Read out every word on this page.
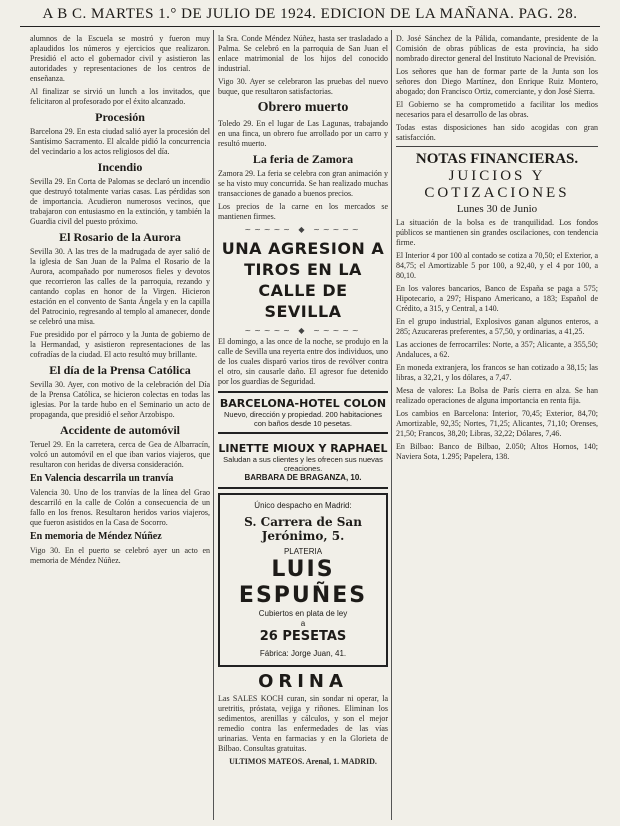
A B C. MARTES 1.° DE JULIO DE 1924. EDICION DE LA MAÑANA. PAG. 28.

alumnos de la Escuela se mostró y fueron muy aplaudidos los números y ejercicios que realizaron. Presidió el acto el gobernador civil y asistieron las autoridades y representaciones de los centros de enseñanza.

Al finalizar se sirvió un lunch a los invitados, que felicitaron al profesorado por el éxito alcanzado.

Procesión

Barcelona 29. En esta ciudad salió ayer la procesión del Santísimo Sacramento. El alcalde pidió la concurrencia del vecindario a los actos religiosos del día.

Incendio

Sevilla 29. En Corta de Palomas se declaró un incendio que destruyó totalmente varias casas. Las pérdidas son de importancia. Acudieron numerosos vecinos, que trabajaron con entusiasmo en la extinción, y también la Guardia civil del puesto próximo.

El Rosario de la Aurora

Sevilla 30. A las tres de la madrugada de ayer salió de la iglesia de San Juan de la Palma el Rosario de la Aurora, acompañado por numerosos fieles y devotos que recorrieron las calles de la parroquia, rezando y cantando coplas en honor de la Virgen. Hicieron estación en el convento de Santa Ángela y en la capilla del Patrocinio, regresando al templo al amanecer, donde se celebró una misa.

Fue presidido por el párroco y la Junta de gobierno de la Hermandad, y asistieron representaciones de las cofradías de la ciudad. El acto resultó muy brillante.

El día de la Prensa Católica

Sevilla 30. Ayer, con motivo de la celebración del Día de la Prensa Católica, se hicieron colectas en todas las iglesias. Por la tarde hubo en el Seminario un acto de propaganda, que presidió el señor Arzobispo.

Accidente de automóvil

Teruel 29. En la carretera, cerca de Gea de Albarracín, volcó un automóvil en el que iban varios viajeros, que resultaron con heridas de diversa consideración.

En Valencia descarrila un tranvía

Valencia 30. Uno de los tranvías de la línea del Grao descarriló en la calle de Colón a consecuencia de un fallo en los frenos. Resultaron heridos varios viajeros, que fueron asistidos en la Casa de Socorro.

En memoria de Méndez Núñez

Vigo 30. En el puerto se celebró ayer un acto en memoria de Méndez Núñez.

la Sra. Conde Méndez Núñez, hasta ser trasladado a Palma. Se celebró en la parroquia de San Juan el enlace matrimonial de los hijos del conocido industrial.

Vigo 30. Ayer se celebraron las pruebas del nuevo buque, que resultaron satisfactorias.

Obrero muerto

Toledo 29. En el lugar de Las Lagunas, trabajando en una finca, un obrero fue arrollado por un carro y resultó muerto.

La feria de Zamora

Zamora 29. La feria se celebra con gran animación y se ha visto muy concurrida. Se han realizado muchas transacciones de ganado a buenos precios.

Los precios de la carne en los mercados se mantienen firmes.

~~~~~ ◆ ~~~~~
UNA AGRESION A TIROS EN LA CALLE DE SEVILLA
~~~~~ ◆ ~~~~~

El domingo, a las once de la noche, se produjo en la calle de Sevilla una reyerta entre dos individuos, uno de los cuales disparó varios tiros de revólver contra el otro, sin causarle daño. El agresor fue detenido por los guardias de Seguridad.

BARCELONA-HOTEL COLON
Nuevo, dirección y propiedad. 200 habitaciones con baños desde 10 pesetas.
LINETTE MIOUX Y RAPHAEL
Saludan a sus clientes y les ofrecen sus nuevas creaciones.
BARBARA DE BRAGANZA, 10.
Único despacho en Madrid:
S. Carrera de San Jerónimo, 5.
PLATERIA
LUIS ESPUÑES
Cubiertos en plata de ley
a
26 PESETAS
Fábrica: Jorge Juan, 41.
ORINA

Las SALES KOCH curan, sin sondar ni operar, la uretritis, próstata, vejiga y riñones. Eliminan los sedimentos, arenillas y cálculos, y son el mejor remedio contra las enfermedades de las vías urinarias. Venta en farmacias y en la Glorieta de Bilbao. Consultas gratuitas.

ULTIMOS MATEOS. Arenal, 1. MADRID.

D. José Sánchez de la Pálida, comandante, presidente de la Comisión de obras públicas de esta provincia, ha sido nombrado director general del Instituto Nacional de Previsión.

Los señores que han de formar parte de la Junta son los señores don Diego Martínez, don Enrique Ruiz Montero, abogado; don Francisco Ortiz, comerciante, y don José Sierra.

El Gobierno se ha comprometido a facilitar los medios necesarios para el desarrollo de las obras.

Todas estas disposiciones han sido acogidas con gran satisfacción.

NOTAS FINANCIERAS.
JUICIOS Y COTIZACIONES
Lunes 30 de Junio

La situación de la bolsa es de tranquilidad. Los fondos públicos se mantienen sin grandes oscilaciones, con tendencia firme.

El Interior 4 por 100 al contado se cotiza a 70,50; el Exterior, a 84,75; el Amortizable 5 por 100, a 92,40, y el 4 por 100, a 80,10.

En los valores bancarios, Banco de España se paga a 575; Hipotecario, a 297; Hispano Americano, a 183; Español de Crédito, a 315, y Central, a 140.

En el grupo industrial, Explosivos ganan algunos enteros, a 285; Azucareras preferentes, a 57,50, y ordinarias, a 41,25.

Las acciones de ferrocarriles: Norte, a 357; Alicante, a 355,50; Andaluces, a 62.

En moneda extranjera, los francos se han cotizado a 38,15; las libras, a 32,21, y los dólares, a 7,47.

Mesa de valores: La Bolsa de París cierra en alza. Se han realizado operaciones de alguna importancia en renta fija.

Los cambios en Barcelona: Interior, 70,45; Exterior, 84,70; Amortizable, 92,35; Nortes, 71,25; Alicantes, 71,10; Orenses, 21,50; Francos, 38,20; Libras, 32,22; Dólares, 7,46.

En Bilbao: Banco de Bilbao, 2.050; Altos Hornos, 140; Naviera Sota, 1.295; Papelera, 138.
